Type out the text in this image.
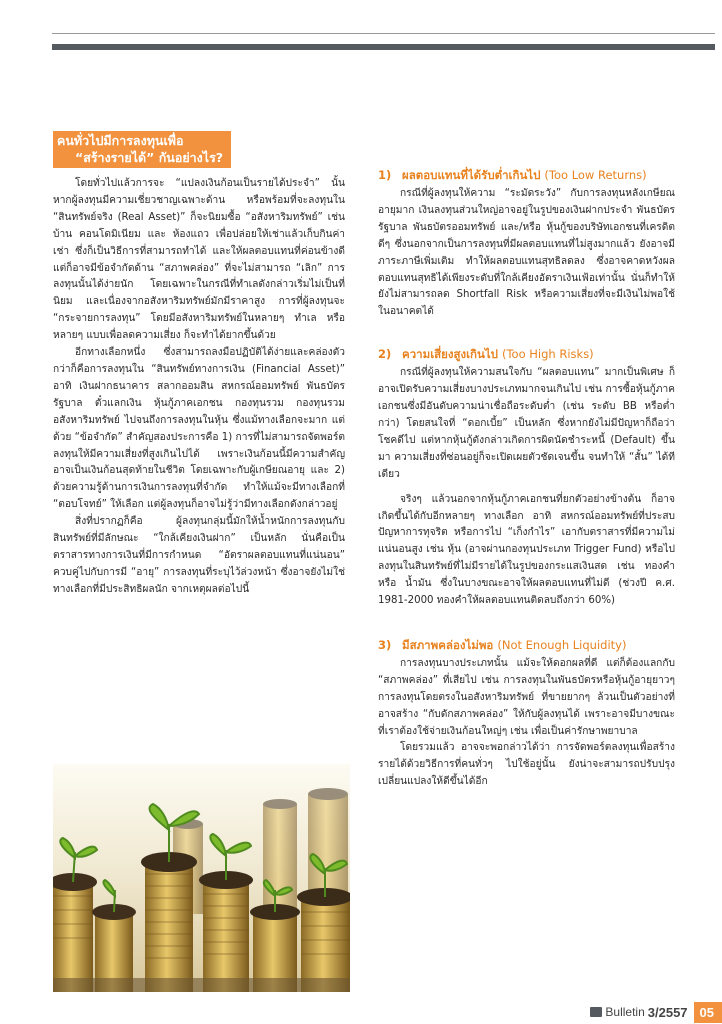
คนทั่วไปมีการลงทุนเพื่อ
“สร้างรายได้” กันอย่างไร?

โดยทั่วไปแล้วการจะ “แปลงเงินก้อนเป็นรายได้ประจำ” นั้น หากผู้ลงทุนมีความเชี่ยวชาญเฉพาะด้าน หรือพร้อมที่จะลงทุนใน “สินทรัพย์จริง (Real Asset)” ก็จะนิยมซื้อ “อสังหาริมทรัพย์” เช่น บ้าน คอนโดมิเนียม และ ห้องแถว เพื่อปล่อยให้เช่าแล้วเก็บกินค่าเช่า ซึ่งก็เป็นวิธีการที่สามารถทำได้ และให้ผลตอบแทนที่ค่อนข้างดี แต่ก็อาจมีข้อจำกัดด้าน “สภาพคล่อง” ที่จะไม่สามารถ “เลิก” การลงทุนนั้นได้ง่ายนัก โดยเฉพาะในกรณีที่ทำเลดังกล่าวเริ่มไม่เป็นที่นิยม และเนื่องจากอสังหาริมทรัพย์มักมีราคาสูง การที่ผู้ลงทุนจะ “กระจายการลงทุน” โดยมีอสังหาริมทรัพย์ในหลายๆ ทำเล หรือหลายๆ แบบเพื่อลดความเสี่ยง ก็จะทำได้ยากขึ้นด้วย

อีกทางเลือกหนึ่ง ซึ่งสามารถลงมือปฏิบัติได้ง่ายและคล่องตัวกว่าก็คือการลงทุนใน “สินทรัพย์ทางการเงิน (Financial Asset)” อาทิ เงินฝากธนาคาร สลากออมสิน สหกรณ์ออมทรัพย์ พันธบัตรรัฐบาล ตั๋วแลกเงิน หุ้นกู้ภาคเอกชน กองทุนรวม กองทุนรวมอสังหาริมทรัพย์ ไปจนถึงการลงทุนในหุ้น ซึ่งแม้ทางเลือกจะมาก แต่ด้วย “ข้อจำกัด” สำคัญสองประการคือ 1) การที่ไม่สามารถจัดพอร์ตลงทุนให้มีความเสี่ยงที่สูงเกินไปได้ เพราะเงินก้อนนี้มีความสำคัญอาจเป็นเงินก้อนสุดท้ายในชีวิต โดยเฉพาะกับผู้เกษียณอายุ และ 2) ด้วยความรู้ด้านการเงินการลงทุนที่จำกัด ทำให้แม้จะมีทางเลือกที่ “ตอบโจทย์” ให้เลือก แต่ผู้ลงทุนก็อาจไม่รู้ว่ามีทางเลือกดังกล่าวอยู่

สิ่งที่ปรากฏก็คือ ผู้ลงทุนกลุ่มนี้มักให้น้ำหนักการลงทุนกับสินทรัพย์ที่มีลักษณะ “ใกล้เคียงเงินฝาก” เป็นหลัก นั่นคือเป็นตราสารทางการเงินที่มีการกำหนด “อัตราผลตอบแทนที่แน่นอน” ควบคู่ไปกับการมี “อายุ” การลงทุนที่ระบุไว้ล่วงหน้า ซึ่งอาจยังไม่ใช่ทางเลือกที่มีประสิทธิผลนัก จากเหตุผลต่อไปนี้

1) ผลตอบแทนที่ได้รับต่ำเกินไป (Too Low Returns)

กรณีที่ผู้ลงทุนให้ความ “ระมัดระวัง” กับการลงทุนหลังเกษียณอายุมาก เงินลงทุนส่วนใหญ่อาจอยู่ในรูปของเงินฝากประจำ พันธบัตรรัฐบาล พันธบัตรออมทรัพย์ และ/หรือ หุ้นกู้ของบริษัทเอกชนที่เครดิตดีๆ ซึ่งนอกจากเป็นการลงทุนที่มีผลตอบแทนที่ไม่สูงมากแล้ว ยังอาจมีภาระภาษีเพิ่มเติม ทำให้ผลตอบแทนสุทธิลดลง ซึ่งอาจคาดหวังผลตอบแทนสุทธิได้เพียงระดับที่ใกล้เคียงอัตราเงินเฟ้อเท่านั้น นั่นก็ทำให้ยังไม่สามารถลด Shortfall Risk หรือความเสี่ยงที่จะมีเงินไม่พอใช้ในอนาคตได้

2) ความเสี่ยงสูงเกินไป (Too High Risks)

กรณีที่ผู้ลงทุนให้ความสนใจกับ “ผลตอบแทน” มากเป็นพิเศษ ก็อาจเปิดรับความเสี่ยงบางประเภทมากจนเกินไป เช่น การซื้อหุ้นกู้ภาคเอกชนซึ่งมีอันดับความน่าเชื่อถือระดับต่ำ (เช่น ระดับ BB หรือต่ำกว่า) โดยสนใจที่ “ดอกเบี้ย” เป็นหลัก ซึ่งหากยังไม่มีปัญหาก็ถือว่าโชคดีไป แต่หากหุ้นกู้ดังกล่าวเกิดการผิดนัดชำระหนี้ (Default) ขึ้นมา ความเสี่ยงที่ซ่อนอยู่ก็จะเปิดเผยตัวชัดเจนขึ้น จนทำให้ “สั้น” ได้ทีเดียว

จริงๆ แล้วนอกจากหุ้นกู้ภาคเอกชนที่ยกตัวอย่างข้างต้น ก็อาจเกิดขึ้นได้กับอีกหลายๆ ทางเลือก อาทิ สหกรณ์ออมทรัพย์ที่ประสบปัญหาการทุจริต หรือการไป “เก็งกำไร” เอากับตราสารที่มีความไม่แน่นอนสูง เช่น หุ้น (อาจผ่านกองทุนประเภท Trigger Fund) หรือไปลงทุนในสินทรัพย์ที่ไม่มีรายได้ในรูปของกระแสเงินสด เช่น ทองคำ หรือ น้ำมัน ซึ่งในบางขณะอาจให้ผลตอบแทนที่ไม่ดี (ช่วงปี ค.ศ. 1981-2000 ทองคำให้ผลตอบแทนติดลบถึงกว่า 60%)

3) มีสภาพคล่องไม่พอ (Not Enough Liquidity)

การลงทุนบางประเภทนั้น แม้จะให้ดอกผลที่ดี แต่ก็ต้องแลกกับ “สภาพคล่อง” ที่เสียไป เช่น การลงทุนในพันธบัตรหรือหุ้นกู้อายุยาวๆ การลงทุนโดยตรงในอสังหาริมทรัพย์ ที่ขายยากๆ ล้วนเป็นตัวอย่างที่อาจสร้าง “กับดักสภาพคล่อง” ให้กับผู้ลงทุนได้ เพราะอาจมีบางขณะที่เราต้องใช้จ่ายเงินก้อนใหญ่ๆ เช่น เพื่อเป็นค่ารักษาพยาบาล

โดยรวมแล้ว อาจจะพอกล่าวได้ว่า การจัดพอร์ตลงทุนเพื่อสร้างรายได้ด้วยวิธีการที่คนทั่วๆ ไปใช้อยู่นั้น ยังน่าจะสามารถปรับปรุงเปลี่ยนแปลงให้ดีขึ้นได้อีก

Bulletin 3/2557 05
